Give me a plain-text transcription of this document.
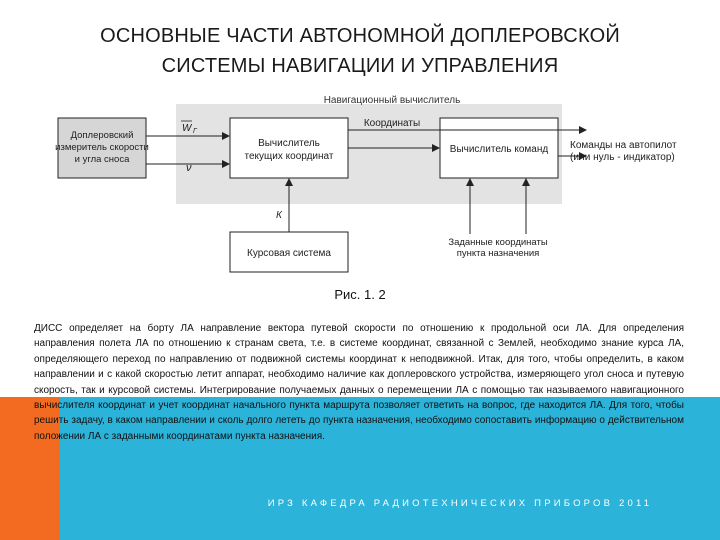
ОСНОВНЫЕ ЧАСТИ АВТОНОМНОЙ ДОПЛЕРОВСКОЙ
СИСТЕМЫ НАВИГАЦИИ И УПРАВЛЕНИЯ
Навигационный вычислитель
Доплеровский
измеритель скорости
и угла сноса
Вычислитель
текущих координат
Вычислитель команд
Курсовая система
W Г
ν
Координаты
Команды на автопилот
(или нуль - индикатор)
К
Заданные координаты
пункта назначения
Рис. 1. 2
ДИСС определяет на борту ЛА направление вектора путевой скорости по отношению к продольной оси ЛА. Для определения направления полета ЛА по отношению к странам света, т.е. в системе координат, связанной с Землей, необходимо знание курса ЛА, определяющего переход по направлению от подвижной системы координат к неподвижной. Итак, для того, чтобы определить, в каком направлении и с какой скоростью летит аппарат, необходимо наличие как доплеровского устройства, измеряющего угол сноса и путевую скорость, так и курсовой системы. Интегрирование получаемых данных о перемещении ЛА с помощью так называемого навигационного вычислителя координат и учет координат начального пункта маршрута позволяет ответить на вопрос, где находится ЛА. Для того, чтобы решить задачу, в каком направлении и сколь долго лететь до пункта назначения, необходимо сопоставить информацию о действительном положении ЛА с заданными координатами пункта назначения.
ИРЗ КАФЕДРА РАДИОТЕХНИЧЕСКИХ ПРИБОРОВ 2011
